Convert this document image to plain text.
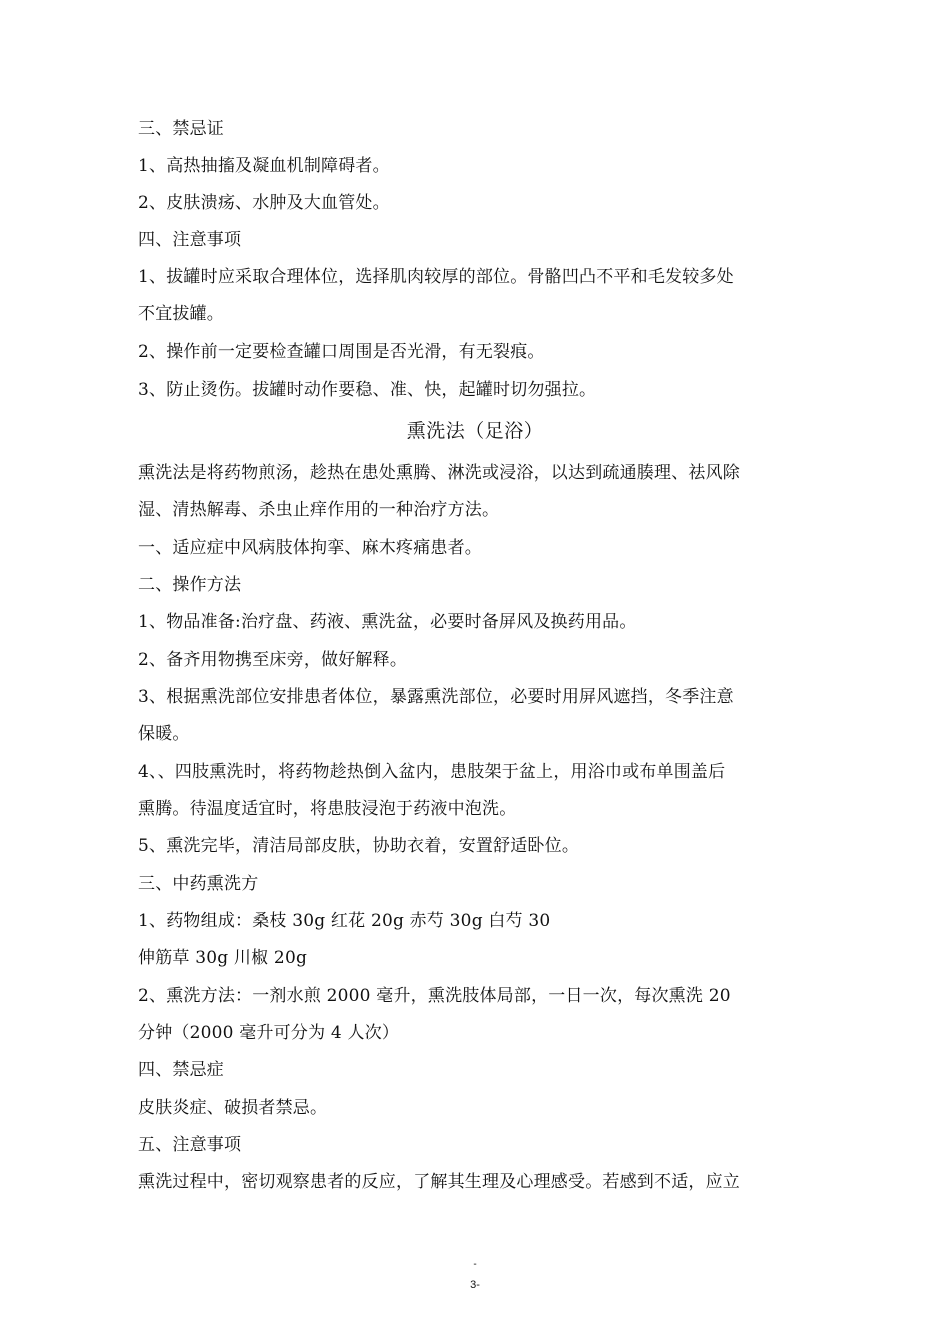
三、禁忌证
1、高热抽搐及凝血机制障碍者。
2、皮肤溃疡、水肿及大血管处。
四、注意事项
1、拔罐时应采取合理体位，选择肌肉较厚的部位。骨骼凹凸不平和毛发较多处
不宜拔罐。
2、操作前一定要检查罐口周围是否光滑，有无裂痕。
3、防止烫伤。拔罐时动作要稳、准、快，起罐时切勿强拉。
熏洗法（足浴）
熏洗法是将药物煎汤，趁热在患处熏腾、淋洗或浸浴，以达到疏通腠理、祛风除
湿、清热解毒、杀虫止痒作用的一种治疗方法。
一、适应症中风病肢体拘挛、麻木疼痛患者。
二、操作方法
1、物品准备:治疗盘、药液、熏洗盆，必要时备屏风及换药用品。
2、备齐用物携至床旁，做好解释。
3、根据熏洗部位安排患者体位，暴露熏洗部位，必要时用屏风遮挡，冬季注意
保暖。
4、、四肢熏洗时，将药物趁热倒入盆内，患肢架于盆上，用浴巾或布单围盖后
熏腾。待温度适宜时，将患肢浸泡于药液中泡洗。
5、熏洗完毕，清洁局部皮肤，协助衣着，安置舒适卧位。
三、中药熏洗方
1、药物组成：桑枝 30g 红花 20g 赤芍 30g 白芍 30
伸筋草 30g 川椒 20g
2、熏洗方法：一剂水煎 2000 毫升，熏洗肢体局部，一日一次，每次熏洗 20
分钟（2000 毫升可分为 4 人次）
四、禁忌症
皮肤炎症、破损者禁忌。
五、注意事项
熏洗过程中，密切观察患者的反应，了解其生理及心理感受。若感到不适，应立
-
3-
